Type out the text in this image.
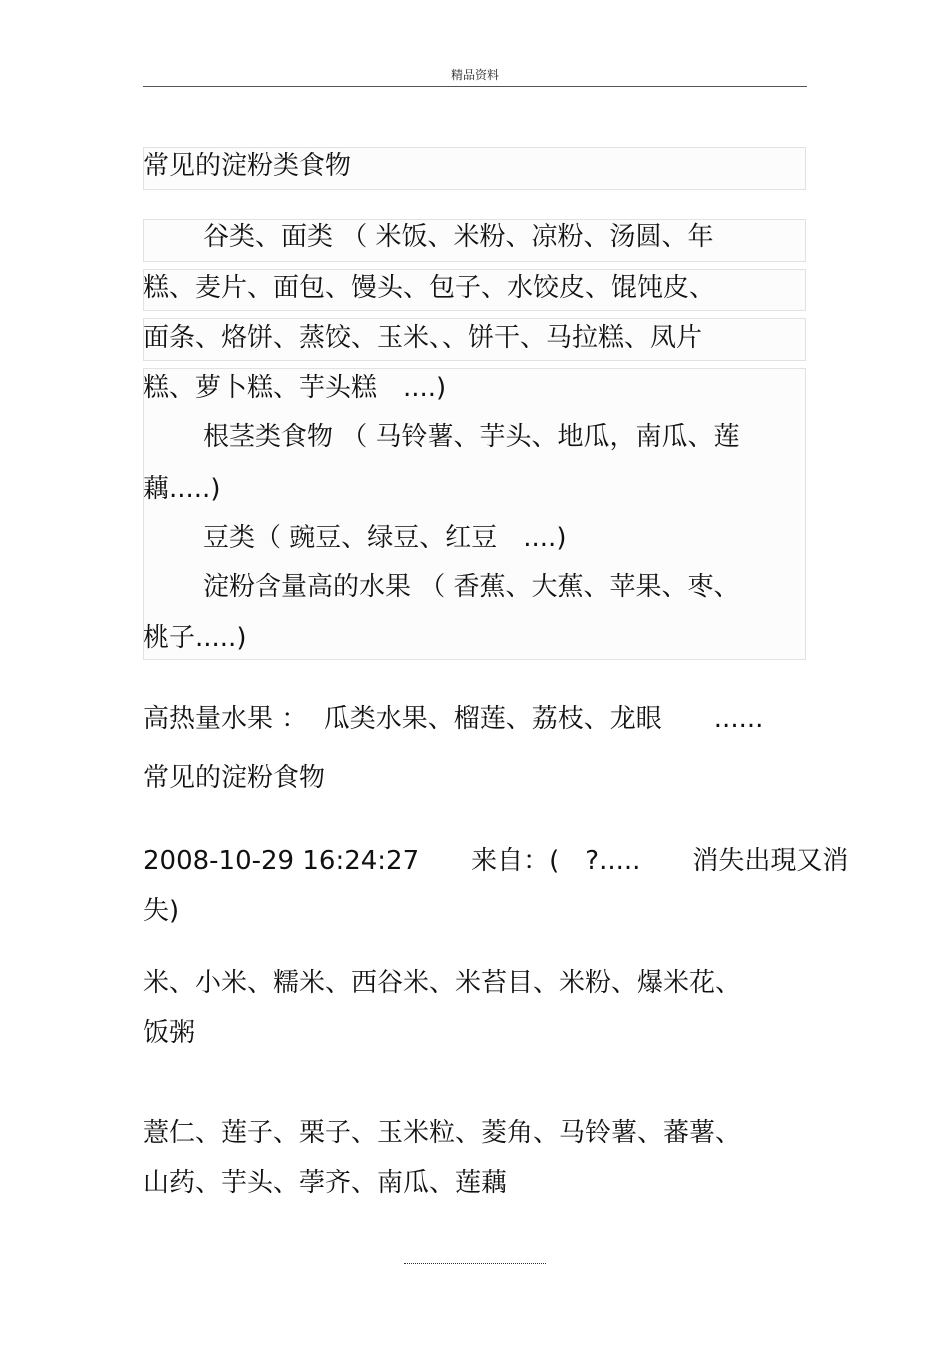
精品资料
常见的淀粉类食物
谷类、面类 （ 米饭、米粉、凉粉、汤圆、年
糕、麦片、面包、馒头、包子、水饺皮、馄饨皮、
面条、烙饼、蒸饺、玉米、、饼干、马拉糕、凤片
糕、萝卜糕、芋头糕　....)
根茎类食物 （ 马铃薯、芋头、地瓜，南瓜、莲
藕.....)
豆类（ 豌豆、绿豆、红豆　....)
淀粉含量高的水果 （ 香蕉、大蕉、苹果、枣、
桃子.....)
高热量水果 ：  瓜类水果、榴莲、荔枝、龙眼　　......
常见的淀粉食物
2008-10-29 16:24:27　　来自：(　?.....　　消失出現又消
失)
米、小米、糯米、西谷米、米苔目、米粉、爆米花、
饭粥
薏仁、莲子、栗子、玉米粒、菱角、马铃薯、蕃薯、
山药、芋头、荸齐、南瓜、莲藕
